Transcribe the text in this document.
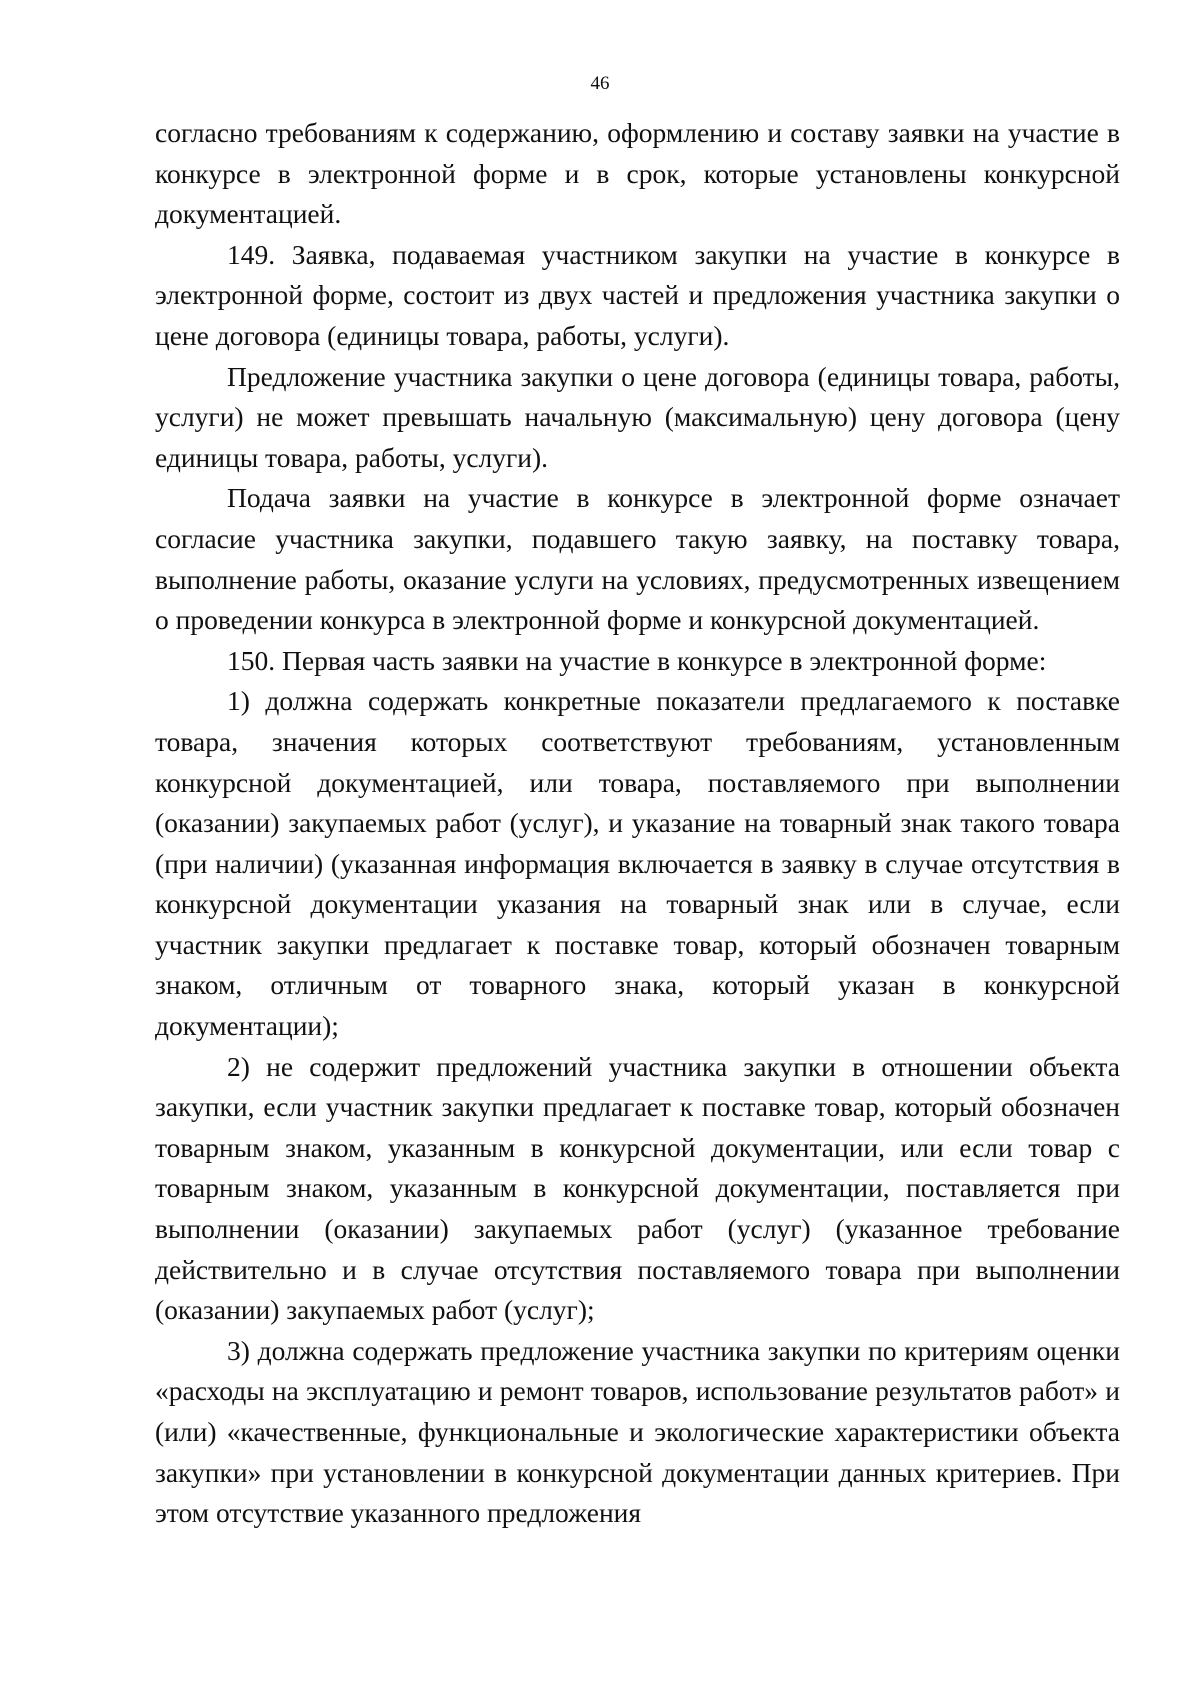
46

согласно требованиям к содержанию, оформлению и составу заявки на участие в конкурсе в электронной форме и в срок, которые установлены конкурсной документацией.

149. Заявка, подаваемая участником закупки на участие в конкурсе в электронной форме, состоит из двух частей и предложения участника закупки о цене договора (единицы товара, работы, услуги).

Предложение участника закупки о цене договора (единицы товара, работы, услуги) не может превышать начальную (максимальную) цену договора (цену единицы товара, работы, услуги).

Подача заявки на участие в конкурсе в электронной форме означает согласие участника закупки, подавшего такую заявку, на поставку товара, выполнение работы, оказание услуги на условиях, предусмотренных извещением о проведении конкурса в электронной форме и конкурсной документацией.

150. Первая часть заявки на участие в конкурсе в электронной форме:

1) должна содержать конкретные показатели предлагаемого к поставке товара, значения которых соответствуют требованиям, установленным конкурсной документацией, или товара, поставляемого при выполнении (оказании) закупаемых работ (услуг), и указание на товарный знак такого товара (при наличии) (указанная информация включается в заявку в случае отсутствия в конкурсной документации указания на товарный знак или в случае, если участник закупки предлагает к поставке товар, который обозначен товарным знаком, отличным от товарного знака, который указан в конкурсной документации);

2) не содержит предложений участника закупки в отношении объекта закупки, если участник закупки предлагает к поставке товар, который обозначен товарным знаком, указанным в конкурсной документации, или если товар с товарным знаком, указанным в конкурсной документации, поставляется при выполнении (оказании) закупаемых работ (услуг) (указанное требование действительно и в случае отсутствия поставляемого товара при выполнении (оказании) закупаемых работ (услуг);

3) должна содержать предложение участника закупки по критериям оценки «расходы на эксплуатацию и ремонт товаров, использование результатов работ» и (или) «качественные, функциональные и экологические характеристики объекта закупки» при установлении в конкурсной документации данных критериев. При этом отсутствие указанного предложения
